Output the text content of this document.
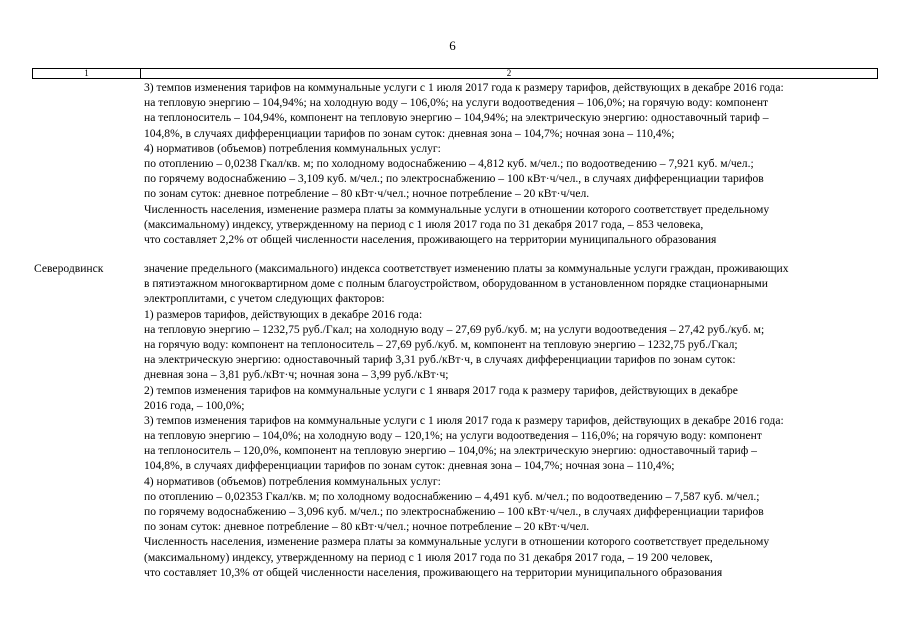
6
1	2
3) темпов изменения тарифов на коммунальные услуги с 1 июля 2017 года к размеру тарифов, действующих в декабре 2016 года:
на тепловую энергию – 104,94%; на холодную воду – 106,0%; на услуги водоотведения – 106,0%; на горячую воду: компонент
на теплоноситель – 104,94%, компонент на тепловую энергию – 104,94%; на электрическую энергию: одноставочный тариф –
104,8%, в случаях дифференциации тарифов по зонам суток: дневная зона – 104,7%; ночная зона – 110,4%;
4) нормативов (объемов) потребления коммунальных услуг:
по отоплению – 0,0238 Гкал/кв. м; по холодному водоснабжению – 4,812 куб. м/чел.; по водоотведению – 7,921 куб. м/чел.;
по горячему водоснабжению – 3,109 куб. м/чел.; по электроснабжению – 100 кВт·ч/чел., в случаях дифференциации тарифов
по зонам суток: дневное потребление – 80 кВт·ч/чел.; ночное потребление – 20 кВт·ч/чел.
Численность населения, изменение размера платы за коммунальные услуги в отношении которого соответствует предельному
(максимальному) индексу, утвержденному на период с 1 июля 2017 года по 31 декабря 2017 года, – 853 человека,
что составляет 2,2% от общей численности населения, проживающего на территории муниципального образования
Северодвинск	значение предельного (максимального) индекса соответствует изменению платы за коммунальные услуги граждан, проживающих
в пятиэтажном многоквартирном доме с полным благоустройством, оборудованном в установленном порядке стационарными
электроплитами, с учетом следующих факторов:
1) размеров тарифов, действующих в декабре 2016 года:
на тепловую энергию – 1232,75 руб./Гкал; на холодную воду – 27,69 руб./куб. м; на услуги водоотведения – 27,42 руб./куб. м;
на горячую воду: компонент на теплоноситель – 27,69 руб./куб. м, компонент на тепловую энергию – 1232,75 руб./Гкал;
на электрическую энергию: одноставочный тариф 3,31 руб./кВт·ч, в случаях дифференциации тарифов по зонам суток:
дневная зона – 3,81 руб./кВт·ч; ночная зона – 3,99 руб./кВт·ч;
2) темпов изменения тарифов на коммунальные услуги с 1 января 2017 года к размеру тарифов, действующих в декабре
2016 года, – 100,0%;
3) темпов изменения тарифов на коммунальные услуги с 1 июля 2017 года к размеру тарифов, действующих в декабре 2016 года:
на тепловую энергию – 104,0%; на холодную воду – 120,1%; на услуги водоотведения – 116,0%; на горячую воду: компонент
на теплоноситель – 120,0%, компонент на тепловую энергию – 104,0%; на электрическую энергию: одноставочный тариф –
104,8%, в случаях дифференциации тарифов по зонам суток: дневная зона – 104,7%; ночная зона – 110,4%;
4) нормативов (объемов) потребления коммунальных услуг:
по отоплению – 0,02353 Гкал/кв. м; по холодному водоснабжению – 4,491 куб. м/чел.; по водоотведению – 7,587 куб. м/чел.;
по горячему водоснабжению – 3,096 куб. м/чел.; по электроснабжению – 100 кВт·ч/чел., в случаях дифференциации тарифов
по зонам суток: дневное потребление – 80 кВт·ч/чел.; ночное потребление – 20 кВт·ч/чел.
Численность населения, изменение размера платы за коммунальные услуги в отношении которого соответствует предельному
(максимальному) индексу, утвержденному на период с 1 июля 2017 года по 31 декабря 2017 года, – 19 200 человек,
что составляет 10,3% от общей численности населения, проживающего на территории муниципального образования
